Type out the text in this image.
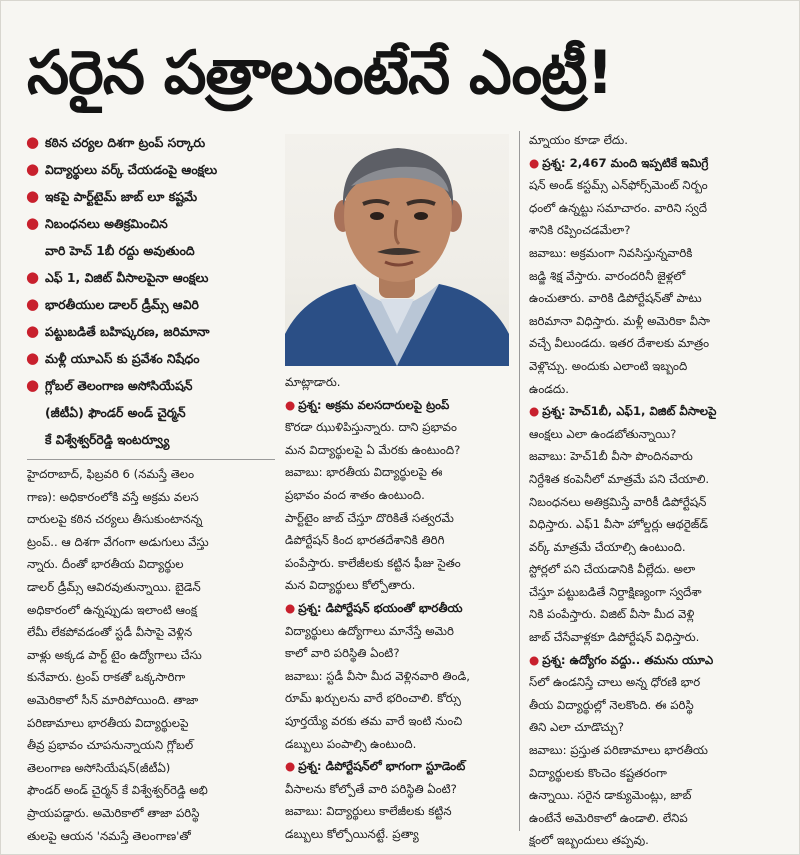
సరైన పత్రాలుంటేనే ఎంట్రీ!
● కఠిన చర్యల దిశగా ట్రంప్ సర్కారు
● విద్యార్థులు వర్క్ చేయడంపై ఆంక్షలు
● ఇకపై పార్ట్‌టైమ్ జాబ్ లూ కష్టమే
● నిబంధనలు అతిక్రమించిన
వారి హెచ్ 1బీ రద్దు అవుతుంది
● ఎఫ్ 1, విజిట్ వీసాలపైనా ఆంక్షలు
● భారతీయుల డాలర్ డ్రీమ్స్ ఆవిరి
● పట్టుబడితే బహిష్కరణ, జరిమానా
● మళ్లీ యూఎస్ కు ప్రవేశం నిషేధం
● గ్లోబల్ తెలంగాణ అసోసియేషన్
(జీటీఏ) ఫౌండర్ అండ్ చైర్మన్
కే విశ్వేశ్వర్‌రెడ్డి ఇంటర్వ్యూ
హైదరాబాద్, ఫిబ్రవరి 6 (నమస్తే తెలం
గాణ): అధికారంలోకి వస్తే అక్రమ వలస
దారులపై కఠిన చర్యలు తీసుకుంటానన్న
ట్రంప్.. ఆ దిశగా వేగంగా అడుగులు వేస్తు
న్నారు. దీంతో భారతీయ విద్యార్థుల
డాలర్ డ్రీమ్స్ ఆవిరవుతున్నాయి. బైడెన్
అధికారంలో ఉన్నప్పుడు ఇలాంటి ఆంక్ష
లేమీ లేకపోవడంతో స్టడీ వీసాపై వెళ్లిన
వాళ్లు అక్కడ పార్ట్ టైం ఉద్యోగాలు చేసు
కునేవారు. ట్రంప్ రాకతో ఒక్కసారిగా
అమెరికాలో సీన్ మారిపోయింది. తాజా
పరిణామాలు భారతీయ విద్యార్థులపై
తీవ్ర ప్రభావం చూపనున్నాయని గ్లోబల్
తెలంగాణ అసోసియేషన్(జీటీఏ)
ఫౌండర్ అండ్ చైర్మన్ కే విశ్వేశ్వర్‌రెడ్డి అభి
ప్రాయపడ్డారు. అమెరికాలో తాజా పరిస్థి
తులపై ఆయన 'నమస్తే తెలంగాణ'తో
మాట్లాడారు.
● ప్రశ్న: అక్రమ వలసదారులపై ట్రంప్
కొరడా ఝుళిపిస్తున్నారు. దాని ప్రభావం
మన విద్యార్థులపై ఏ మేరకు ఉంటుంది?
జవాబు: భారతీయ విద్యార్థులపై ఈ
ప్రభావం వంద శాతం ఉంటుంది.
పార్ట్‌టైం జాబ్ చేస్తూ దొరికితే సత్వరమే
డిపోర్టేషన్ కింద భారతదేశానికి తిరిగి
పంపేస్తారు. కాలేజీలకు కట్టిన ఫీజు సైతం
మన విద్యార్థులు కోల్పోతారు.
● ప్రశ్న: డిపోర్టేషన్ భయంతో భారతీయ
విద్యార్థులు ఉద్యోగాలు మానేస్తే అమెరి
కాలో వారి పరిస్థితి ఏంటి?
జవాబు: స్టడీ వీసా మీద వెళ్లినవారి తిండి,
రూమ్ ఖర్చులను వారే భరించాలి. కోర్సు
పూర్తయ్యే వరకు తమ వారే ఇంటి నుంచి
డబ్బులు పంపాల్సి ఉంటుంది.
● ప్రశ్న: డిపోర్టేషన్‌లో భాగంగా స్టూడెంట్
వీసాలను కోల్పోతే వారి పరిస్థితి ఏంటి?
జవాబు: విద్యార్థులు కాలేజీలకు కట్టిన
డబ్బులు కోల్పోయినట్టే. ప్రత్యా
మ్నాయం కూడా లేదు.
● ప్రశ్న: 2,467 మంది ఇప్పటికే ఇమిగ్రే
షన్ అండ్ కస్టమ్స్ ఎన్‌ఫోర్స్‌మెంట్ నిర్బం
ధంలో ఉన్నట్టు సమాచారం. వారిని స్వదే
శానికి రప్పించడమేలా?
జవాబు: అక్రమంగా నివసిస్తున్నవారికి
జడ్జి శిక్ష వేస్తారు. వారందరినీ జైళ్లలో
ఉంచుతారు. వారికి డిపోర్టేషన్‌తో పాటు
జరిమానా విధిస్తారు. మళ్లీ అమెరికా వీసా
వచ్చే వీలుండదు. ఇతర దేశాలకు మాత్రం
వెళ్లొచ్చు. అందుకు ఎలాంటి ఇబ్బంది
ఉండదు.
● ప్రశ్న: హెచ్1బీ, ఎఫ్1, విజిట్ వీసాలపై
ఆంక్షలు ఎలా ఉండబోతున్నాయి?
జవాబు: హెచ్1బీ వీసా పొందినవారు
నిర్దేశిత కంపెనీలో మాత్రమే పని చేయాలి.
నిబంధనలు అతిక్రమిస్తే వారికీ డిపోర్టేషన్
విధిస్తారు. ఎఫ్1 వీసా హోల్డర్లు ఆథరైజ్‌డ్
వర్క్ మాత్రమే చేయాల్సి ఉంటుంది.
స్టోర్లలో పని చేయడానికి వీల్లేదు. అలా
చేస్తూ పట్టుబడితే నిర్దాక్షిణ్యంగా స్వదేశా
నికి పంపేస్తారు. విజిట్ వీసా మీద వెళ్లి
జాబ్ చేసేవాళ్లకూ డిపోర్టేషన్ విధిస్తారు.
● ప్రశ్న: ఉద్యోగం వద్దు.. తమను యూఎ
స్‌లో ఉండనిస్తే చాలు అన్న ధోరణి భార
తీయ విద్యార్థుల్లో నెలకొంది. ఈ పరిస్థి
తిని ఎలా చూడొచ్చు?
జవాబు: ప్రస్తుత పరిణామాలు భారతీయ
విద్యార్థులకు కొంచెం కష్టతరంగా
ఉన్నాయి. సరైన డాక్యుమెంట్లు, జాబ్
ఉంటేనే అమెరికాలో ఉండాలి. లేనిప
క్షంలో ఇబ్బందులు తప్పవు.
